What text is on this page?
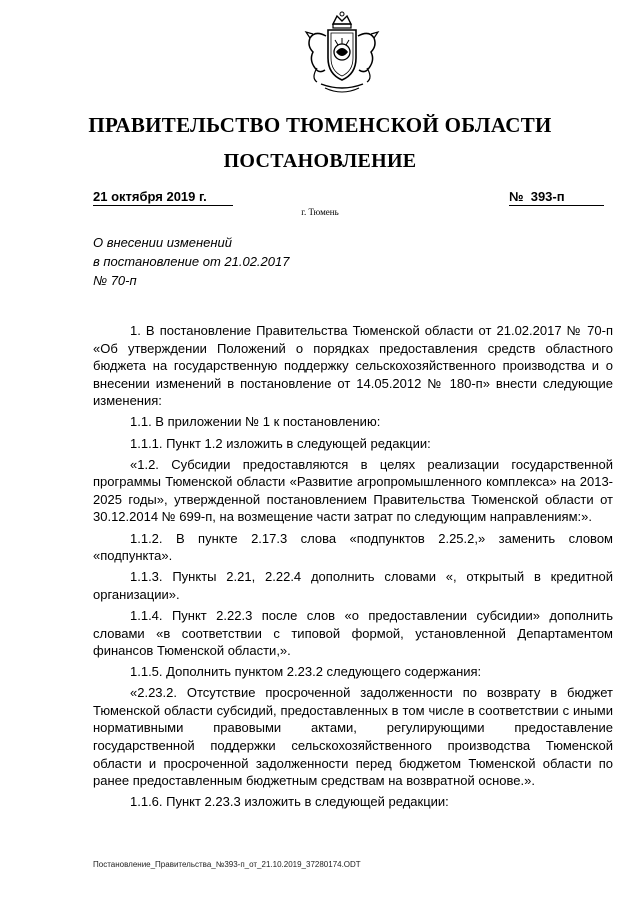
ПРАВИТЕЛЬСТВО ТЮМЕНСКОЙ ОБЛАСТИ
ПОСТАНОВЛЕНИЕ
21 октября 2019 г.	№  393-п
г. Тюмень
О внесении изменений
в постановление от 21.02.2017
№ 70-п

1. В постановление Правительства Тюменской области от 21.02.2017 № 70-п «Об утверждении Положений о порядках предоставления средств областного бюджета на государственную поддержку сельскохозяйственного производства и о внесении изменений в постановление от 14.05.2012 № 180-п» внести следующие изменения:

1.1. В приложении № 1 к постановлению:

1.1.1. Пункт 1.2 изложить в следующей редакции:

«1.2. Субсидии предоставляются в целях реализации государственной программы Тюменской области «Развитие агропромышленного комплекса» на 2013-2025 годы», утвержденной постановлением Правительства Тюменской области от 30.12.2014 № 699-п, на возмещение части затрат по следующим направлениям:».

1.1.2. В пункте 2.17.3 слова «подпунктов 2.25.2,» заменить словом «подпункта».

1.1.3. Пункты 2.21, 2.22.4 дополнить словами «, открытый в кредитной организации».

1.1.4. Пункт 2.22.3 после слов «о предоставлении субсидии» дополнить словами «в соответствии с типовой формой, установленной Департаментом финансов Тюменской области,».

1.1.5. Дополнить пунктом 2.23.2 следующего содержания:

«2.23.2. Отсутствие просроченной задолженности по возврату в бюджет Тюменской области субсидий, предоставленных в том числе в соответствии с иными нормативными правовыми актами, регулирующими предоставление государственной поддержки сельскохозяйственного производства Тюменской области и просроченной задолженности перед бюджетом Тюменской области по ранее предоставленным бюджетным средствам на возвратной основе.».

1.1.6. Пункт 2.23.3 изложить в следующей редакции:

Постановление_Правительства_№393-п_от_21.10.2019_37280174.ODT
